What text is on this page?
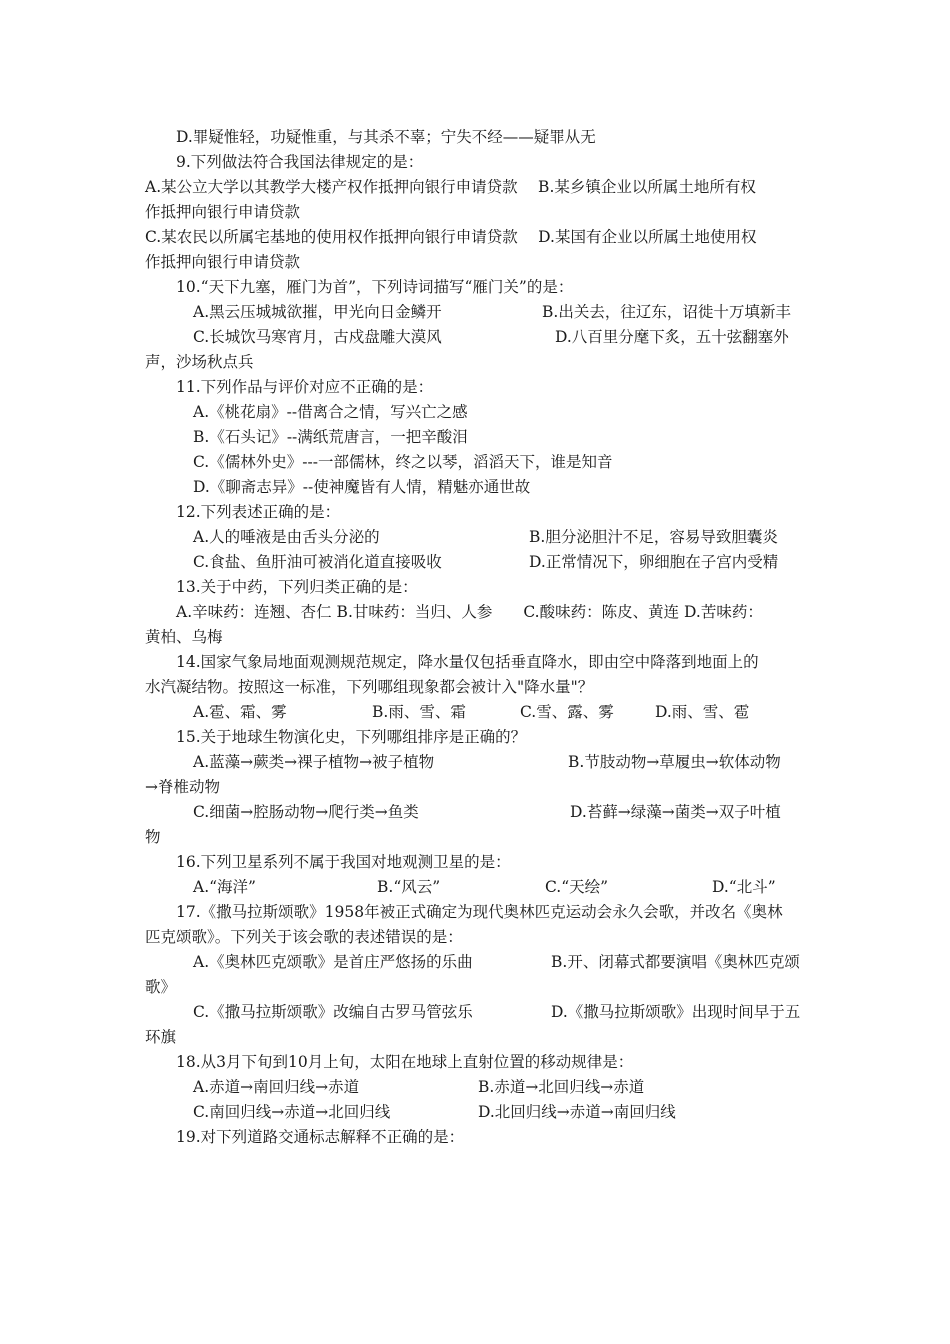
D.罪疑惟轻，功疑惟重，与其杀不辜；宁失不经——疑罪从无
9.下列做法符合我国法律规定的是：
A.某公立大学以其教学大楼产权作抵押向银行申请贷款　 B.某乡镇企业以所属土地所有权
作抵押向银行申请贷款
C.某农民以所属宅基地的使用权作抵押向银行申请贷款　 D.某国有企业以所属土地使用权
作抵押向银行申请贷款
10.“天下九塞，雁门为首”，下列诗词描写“雁门关”的是：
A.黑云压城城欲摧，甲光向日金鳞开	B.出关去，往辽东，诏徙十万填新丰
C.长城饮马寒宵月，古戍盘雕大漠风	D.八百里分麾下炙，五十弦翻塞外
声，沙场秋点兵
11.下列作品与评价对应不正确的是：
A.《桃花扇》--借离合之情，写兴亡之感
B.《石头记》--满纸荒唐言，一把辛酸泪
C.《儒林外史》---一部儒林，终之以琴，滔滔天下，谁是知音
D.《聊斋志异》--使神魔皆有人情，精魅亦通世故
12.下列表述正确的是：
A.人的唾液是由舌头分泌的	B.胆分泌胆汁不足，容易导致胆囊炎
C.食盐、鱼肝油可被消化道直接吸收	D.正常情况下，卵细胞在子宫内受精
13.关于中药，下列归类正确的是：
A.辛味药：连翘、杏仁 B.甘味药：当归、人参　　C.酸味药：陈皮、黄连 D.苦味药：
黄柏、乌梅
14.国家气象局地面观测规范规定，降水量仅包括垂直降水，即由空中降落到地面上的
水汽凝结物。按照这一标准，下列哪组现象都会被计入"降水量"？
A.雹、霜、雾	B.雨、雪、霜	C.雪、露、雾	D.雨、雪、雹
15.关于地球生物演化史，下列哪组排序是正确的？
A.蓝藻→蕨类→裸子植物→被子植物	B.节肢动物→草履虫→软体动物
→脊椎动物
C.细菌→腔肠动物→爬行类→鱼类	D.苔藓→绿藻→菌类→双子叶植
物
16.下列卫星系列不属于我国对地观测卫星的是：
A.“海洋”	B.“风云”	C.“天绘”	D.“北斗”
17.《撒马拉斯颂歌》1958年被正式确定为现代奥林匹克运动会永久会歌，并改名《奥林
匹克颂歌》。下列关于该会歌的表述错误的是：
A.《奥林匹克颂歌》是首庄严悠扬的乐曲	B.开、闭幕式都要演唱《奥林匹克颂
歌》
C.《撒马拉斯颂歌》改编自古罗马管弦乐	D.《撒马拉斯颂歌》出现时间早于五
环旗
18.从3月下旬到10月上旬，太阳在地球上直射位置的移动规律是：
A.赤道→南回归线→赤道	B.赤道→北回归线→赤道
C.南回归线→赤道→北回归线	D.北回归线→赤道→南回归线
19.对下列道路交通标志解释不正确的是：
